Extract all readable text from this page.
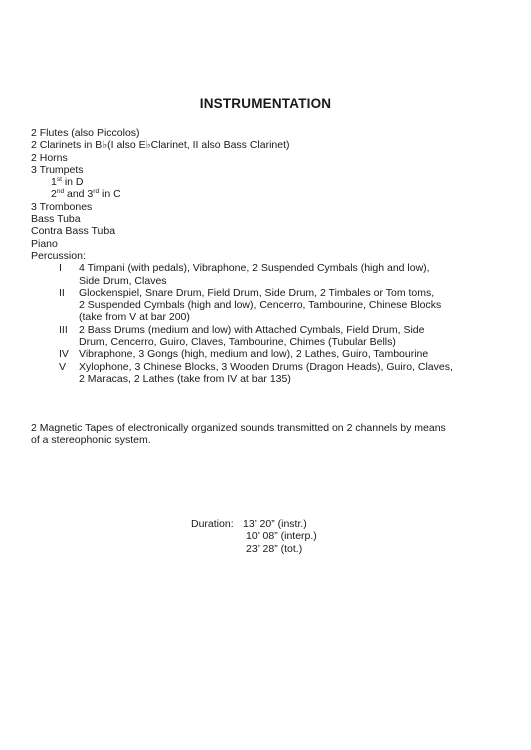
INSTRUMENTATION
2 Flutes (also Piccolos)
2 Clarinets in B♭(I also E♭Clarinet, II also Bass Clarinet)
2 Horns
3 Trumpets
1st in D
2nd and 3rd in C
3 Trombones
Bass Tuba
Contra Bass Tuba
Piano
Percussion:
I	4 Timpani (with pedals), Vibraphone, 2 Suspended Cymbals (high and low),
Side Drum, Claves
II	Glockenspiel, Snare Drum, Field Drum, Side Drum, 2 Timbales or Tom toms,
2 Suspended Cymbals (high and low), Cencerro, Tambourine, Chinese Blocks
(take from V at bar 200)
III	2 Bass Drums (medium and low) with Attached Cymbals, Field Drum, Side
Drum, Cencerro, Guiro, Claves, Tambourine, Chimes (Tubular Bells)
IV Vibraphone, 3 Gongs (high, medium and low), 2 Lathes, Guiro, Tambourine
V	Xylophone, 3 Chinese Blocks, 3 Wooden Drums (Dragon Heads), Guiro, Claves,
2 Maracas, 2 Lathes (take from IV at bar 135)
2 Magnetic Tapes of electronically organized sounds transmitted on 2 channels by means
of a stereophonic system.
Duration: 13’ 20” (instr.)
10’ 08” (interp.)
23’ 28” (tot.)
